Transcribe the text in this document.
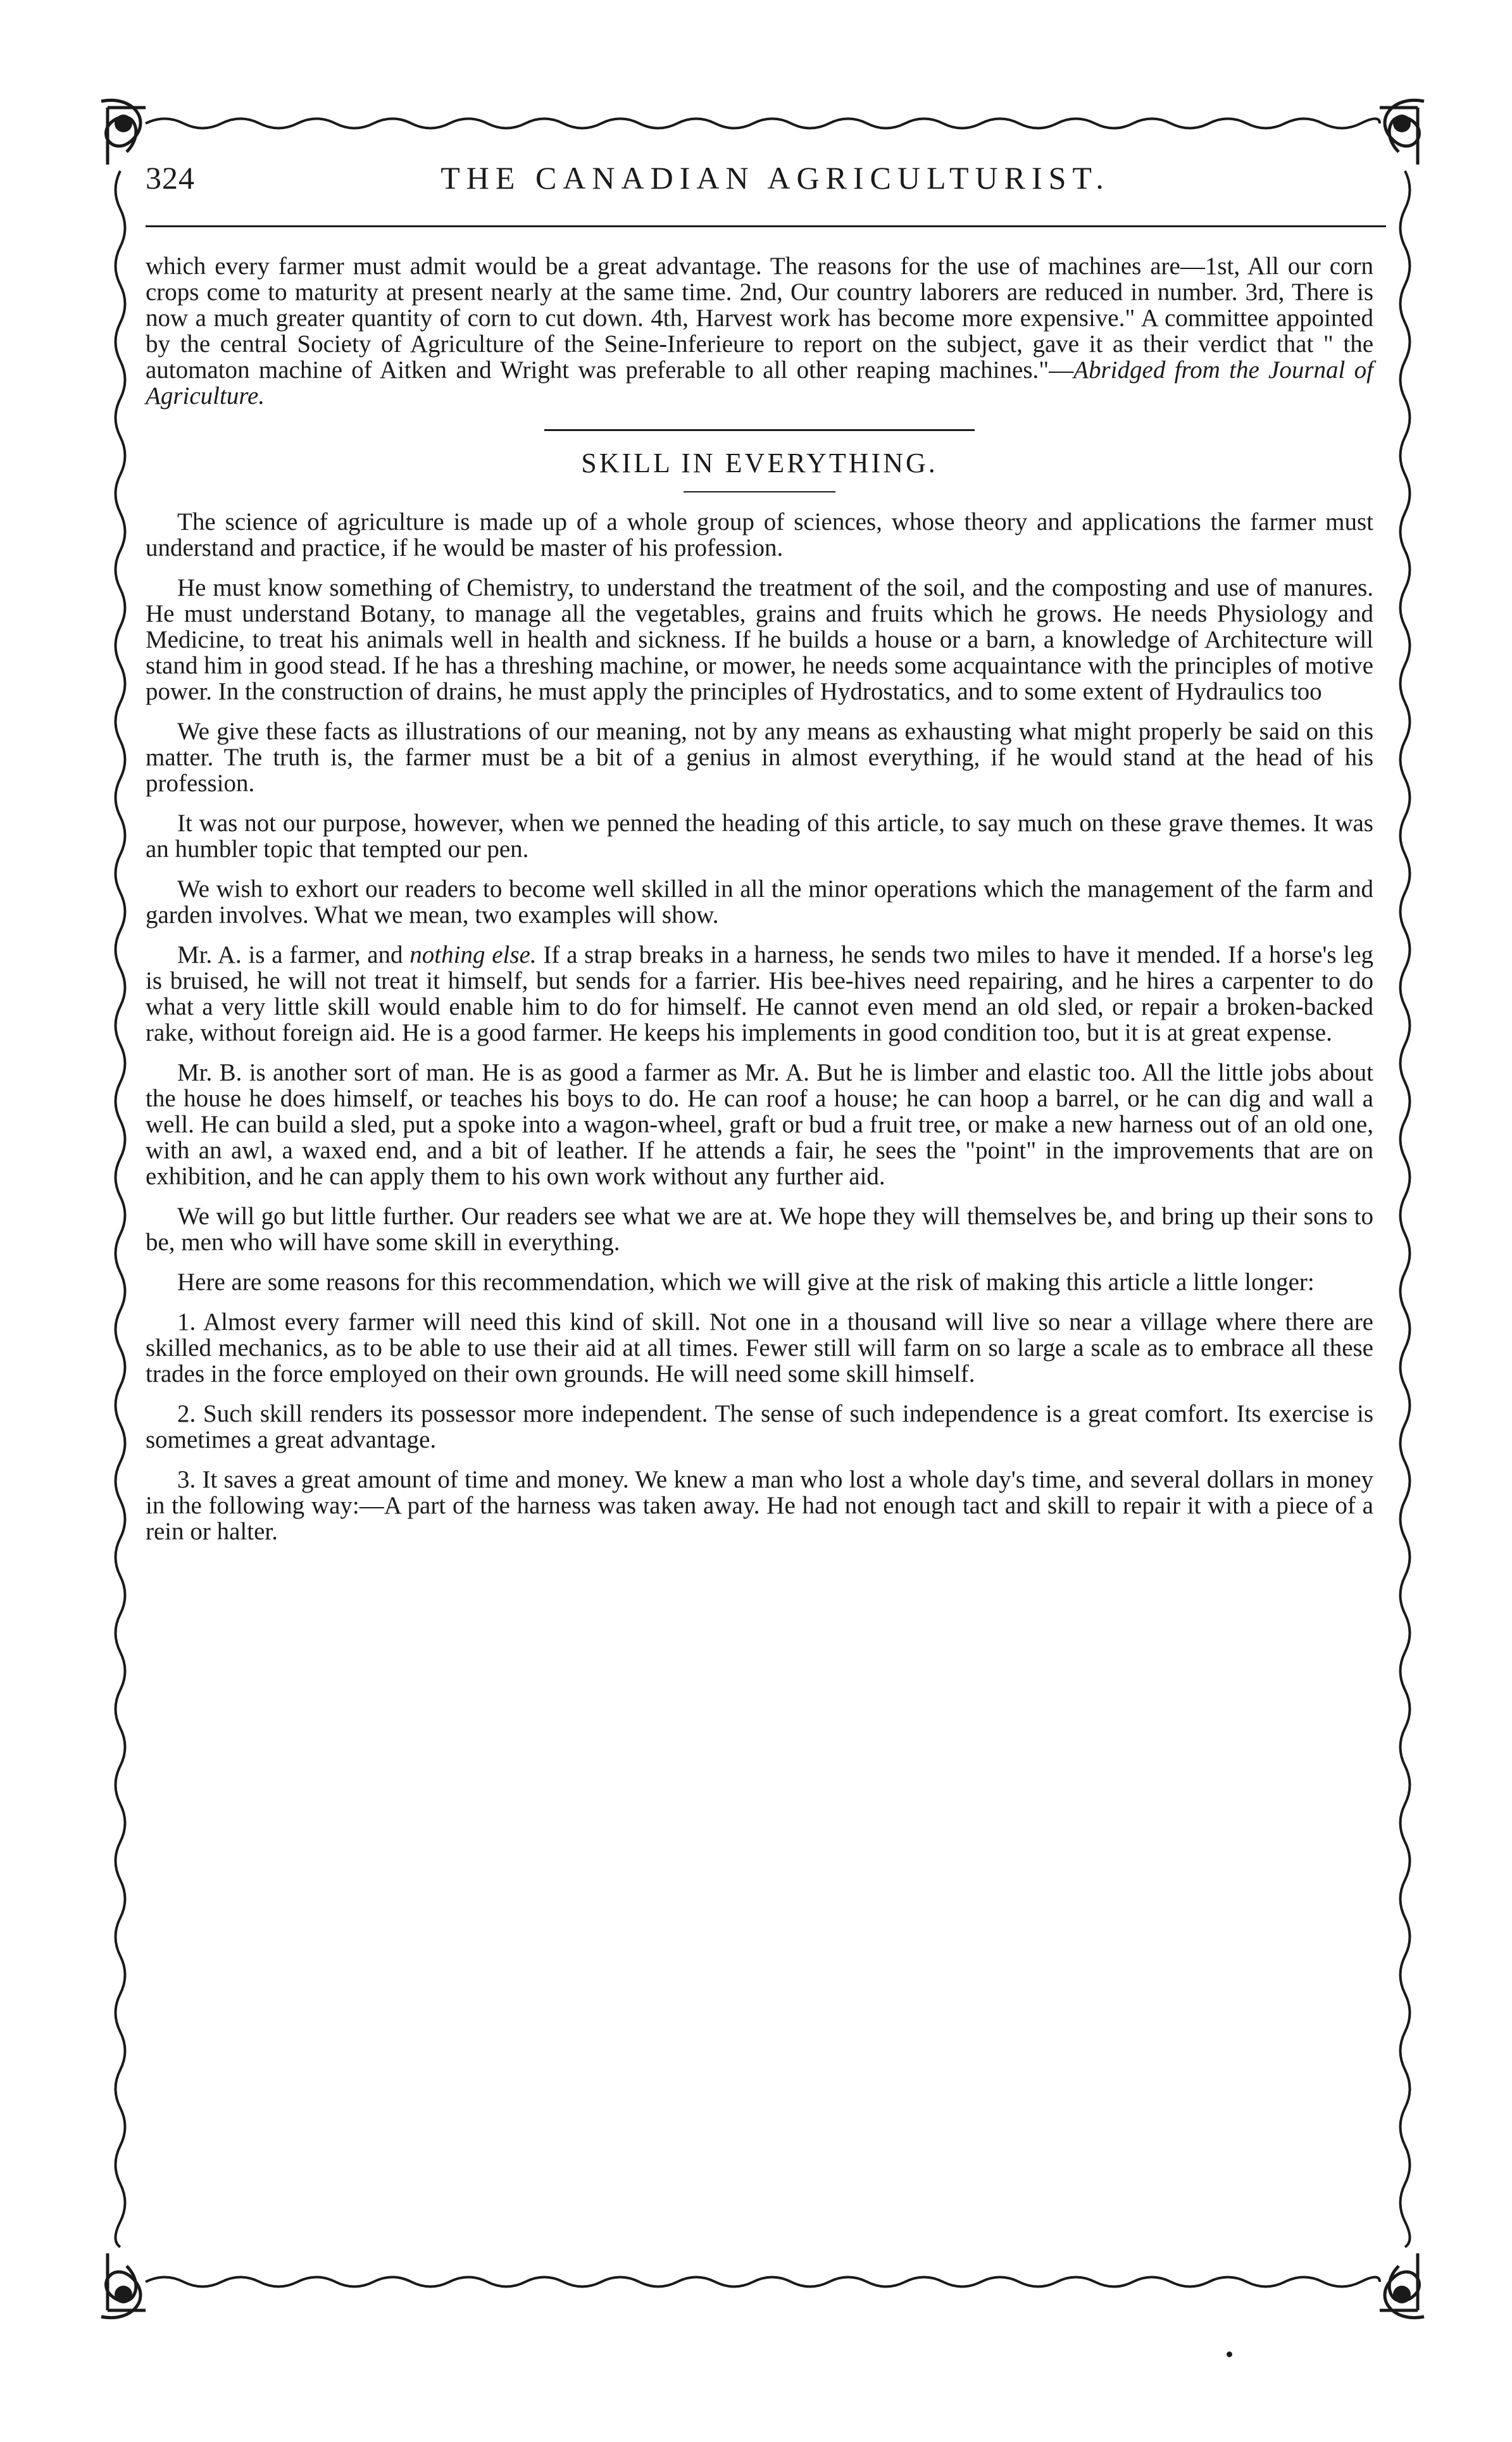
324	THE CANADIAN AGRICULTURIST.

which every farmer must admit would be a great advantage. The reasons for the use of machines are—1st, All our corn crops come to maturity at present nearly at the same time. 2nd, Our country laborers are reduced in number. 3rd, There is now a much greater quantity of corn to cut down. 4th, Harvest work has become more expensive." A committee appointed by the central Society of Agriculture of the Seine-Inferieure to report on the subject, gave it as their verdict that " the automaton machine of Aitken and Wright was preferable to all other reaping machines."—Abridged from the Journal of Agriculture.

SKILL IN EVERYTHING.

The science of agriculture is made up of a whole group of sciences, whose theory and applications the farmer must understand and practice, if he would be master of his profession.

He must know something of Chemistry, to understand the treatment of the soil, and the composting and use of manures. He must understand Botany, to manage all the vegetables, grains and fruits which he grows. He needs Physiology and Medicine, to treat his animals well in health and sickness. If he builds a house or a barn, a knowledge of Architecture will stand him in good stead. If he has a threshing machine, or mower, he needs some acquaintance with the principles of motive power. In the construction of drains, he must apply the principles of Hydrostatics, and to some extent of Hydraulics too

We give these facts as illustrations of our meaning, not by any means as exhausting what might properly be said on this matter. The truth is, the farmer must be a bit of a genius in almost everything, if he would stand at the head of his profession.

It was not our purpose, however, when we penned the heading of this article, to say much on these grave themes. It was an humbler topic that tempted our pen.

We wish to exhort our readers to become well skilled in all the minor operations which the management of the farm and garden involves. What we mean, two examples will show.

Mr. A. is a farmer, and nothing else. If a strap breaks in a harness, he sends two miles to have it mended. If a horse's leg is bruised, he will not treat it himself, but sends for a farrier. His bee-hives need repairing, and he hires a carpenter to do what a very little skill would enable him to do for himself. He cannot even mend an old sled, or repair a broken-backed rake, without foreign aid. He is a good farmer. He keeps his implements in good condition too, but it is at great expense.

Mr. B. is another sort of man. He is as good a farmer as Mr. A. But he is limber and elastic too. All the little jobs about the house he does himself, or teaches his boys to do. He can roof a house; he can hoop a barrel, or he can dig and wall a well. He can build a sled, put a spoke into a wagon-wheel, graft or bud a fruit tree, or make a new harness out of an old one, with an awl, a waxed end, and a bit of leather. If he attends a fair, he sees the "point" in the improvements that are on exhibition, and he can apply them to his own work without any further aid.

We will go but little further. Our readers see what we are at. We hope they will themselves be, and bring up their sons to be, men who will have some skill in everything.

Here are some reasons for this recommendation, which we will give at the risk of making this article a little longer:

1. Almost every farmer will need this kind of skill. Not one in a thousand will live so near a village where there are skilled mechanics, as to be able to use their aid at all times. Fewer still will farm on so large a scale as to embrace all these trades in the force employed on their own grounds. He will need some skill himself.

2. Such skill renders its possessor more independent. The sense of such independence is a great comfort. Its exercise is sometimes a great advantage.

3. It saves a great amount of time and money. We knew a man who lost a whole day's time, and several dollars in money in the following way:—A part of the harness was taken away. He had not enough tact and skill to repair it with a piece of a rein or halter.
